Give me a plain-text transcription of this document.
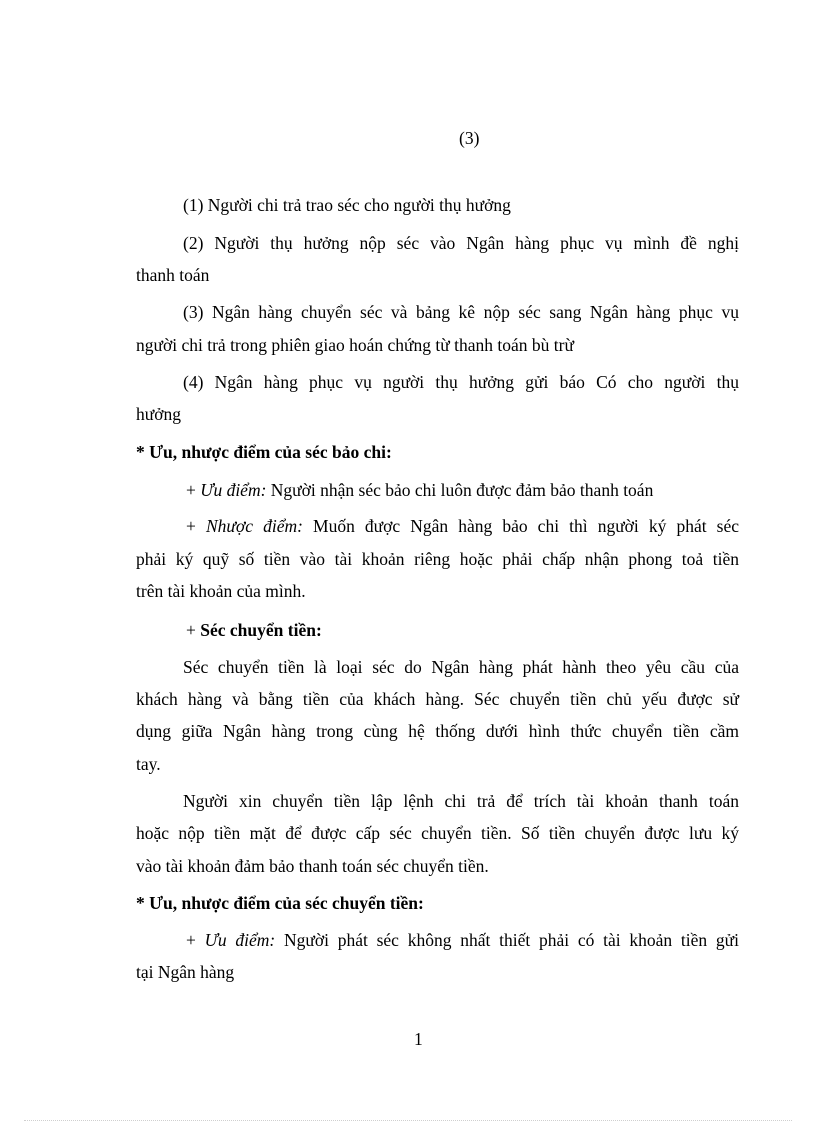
(3)
(1) Người chi trả trao séc cho người thụ hưởng
(2) Người thụ hưởng nộp séc vào Ngân hàng phục vụ mình đề nghị
thanh toán
(3) Ngân hàng chuyển séc và bảng kê nộp séc sang Ngân hàng phục vụ
người chi trả trong phiên giao hoán chứng từ thanh toán bù trừ
(4) Ngân hàng phục vụ người thụ hưởng gửi báo Có cho người thụ
hưởng
* Ưu, nhược điểm của séc bảo chi:
+ Ưu điểm: Người nhận séc bảo chi luôn được đảm bảo thanh toán
+ Nhược điểm: Muốn được Ngân hàng bảo chi thì người ký phát séc
phải ký quỹ số tiền vào tài khoản riêng hoặc phải chấp nhận phong toả tiền
trên tài khoản của mình.
+ Séc chuyển tiền:
Séc chuyển tiền là loại séc do Ngân hàng phát hành theo yêu cầu của
khách hàng và bằng tiền của khách hàng. Séc chuyển tiền chủ yếu được sử
dụng giữa Ngân hàng trong cùng hệ thống dưới hình thức chuyển tiền cầm
tay.
Người xin chuyển tiền lập lệnh chi trả để trích tài khoản thanh toán
hoặc nộp tiền mặt để được cấp séc chuyển tiền. Số tiền chuyển được lưu ký
vào tài khoản đảm bảo thanh toán séc chuyển tiền.
* Ưu, nhược điểm của séc chuyển tiền:
+ Ưu điểm: Người phát séc không nhất thiết phải có tài khoản tiền gửi
tại Ngân hàng
1
